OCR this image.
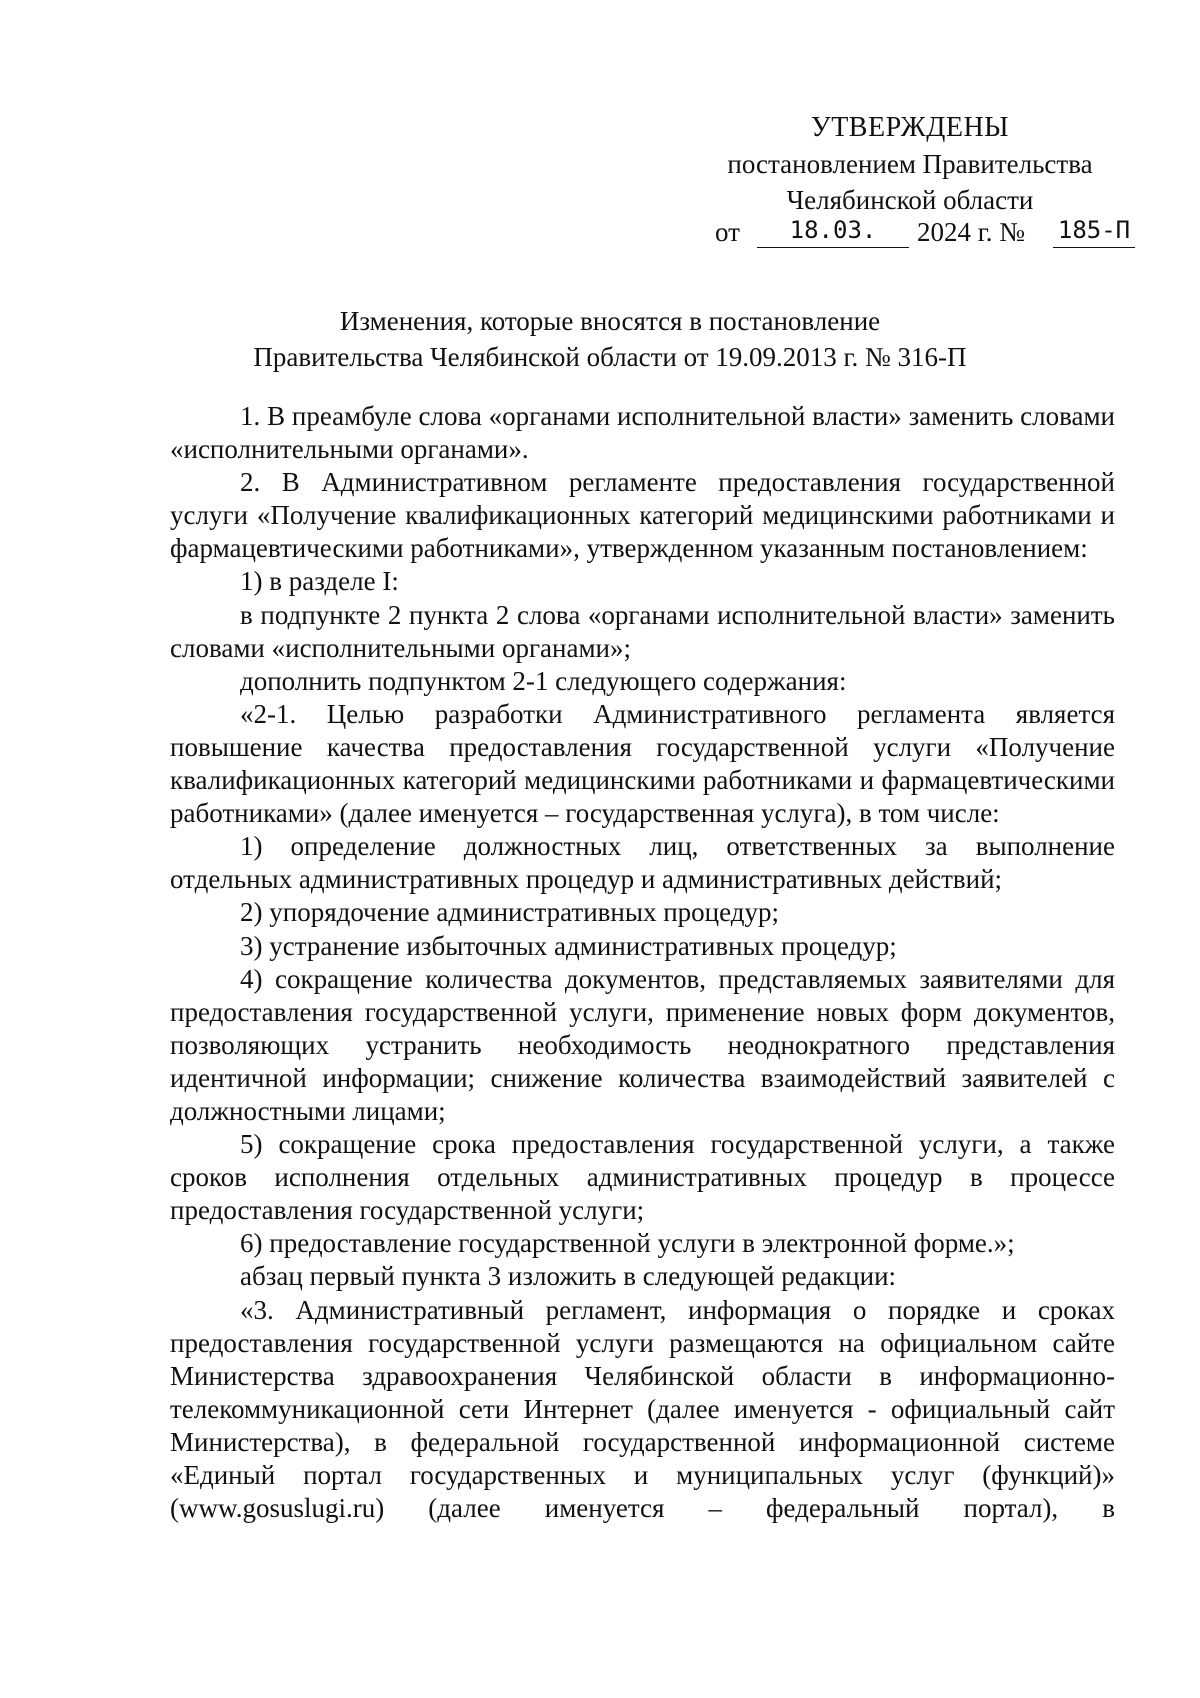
УТВЕРЖДЕНЫ
постановлением Правительства
Челябинской области
от	18.03.	2024 г. № 185-П
Изменения, которые вносятся в постановление
Правительства Челябинской области от 19.09.2013 г. № 316-П

1. В преамбуле слова «органами исполнительной власти» заменить словами «исполнительными органами».

2. В Административном регламенте предоставления государственной услуги «Получение квалификационных категорий медицинскими работниками и фармацевтическими работниками», утвержденном указанным постановлением:

1) в разделе I:

в подпункте 2 пункта 2 слова «органами исполнительной власти» заменить словами «исполнительными органами»;

дополнить подпунктом 2-1 следующего содержания:

«2-1. Целью разработки Административного регламента является повышение качества предоставления государственной услуги «Получение квалификационных категорий медицинскими работниками и фармацевтическими работниками» (далее именуется – государственная услуга), в том числе:

1) определение должностных лиц, ответственных за выполнение отдельных административных процедур и административных действий;

2) упорядочение административных процедур;

3) устранение избыточных административных процедур;

4) сокращение количества документов, представляемых заявителями для предоставления государственной услуги, применение новых форм документов, позволяющих устранить необходимость неоднократного представления идентичной информации; снижение количества взаимодействий заявителей с должностными лицами;

5) сокращение срока предоставления государственной услуги, а также сроков исполнения отдельных административных процедур в процессе предоставления государственной услуги;

6) предоставление государственной услуги в электронной форме.»;

абзац первый пункта 3 изложить в следующей редакции:

«3. Административный регламент, информация о порядке и сроках предоставления государственной услуги размещаются на официальном сайте Министерства здравоохранения Челябинской области в информационно-телекоммуникационной сети Интернет (далее именуется - официальный сайт Министерства), в федеральной государственной информационной системе «Единый портал государственных и муниципальных услуг (функций)» (www.gosuslugi.ru) (далее именуется – федеральный портал), в
